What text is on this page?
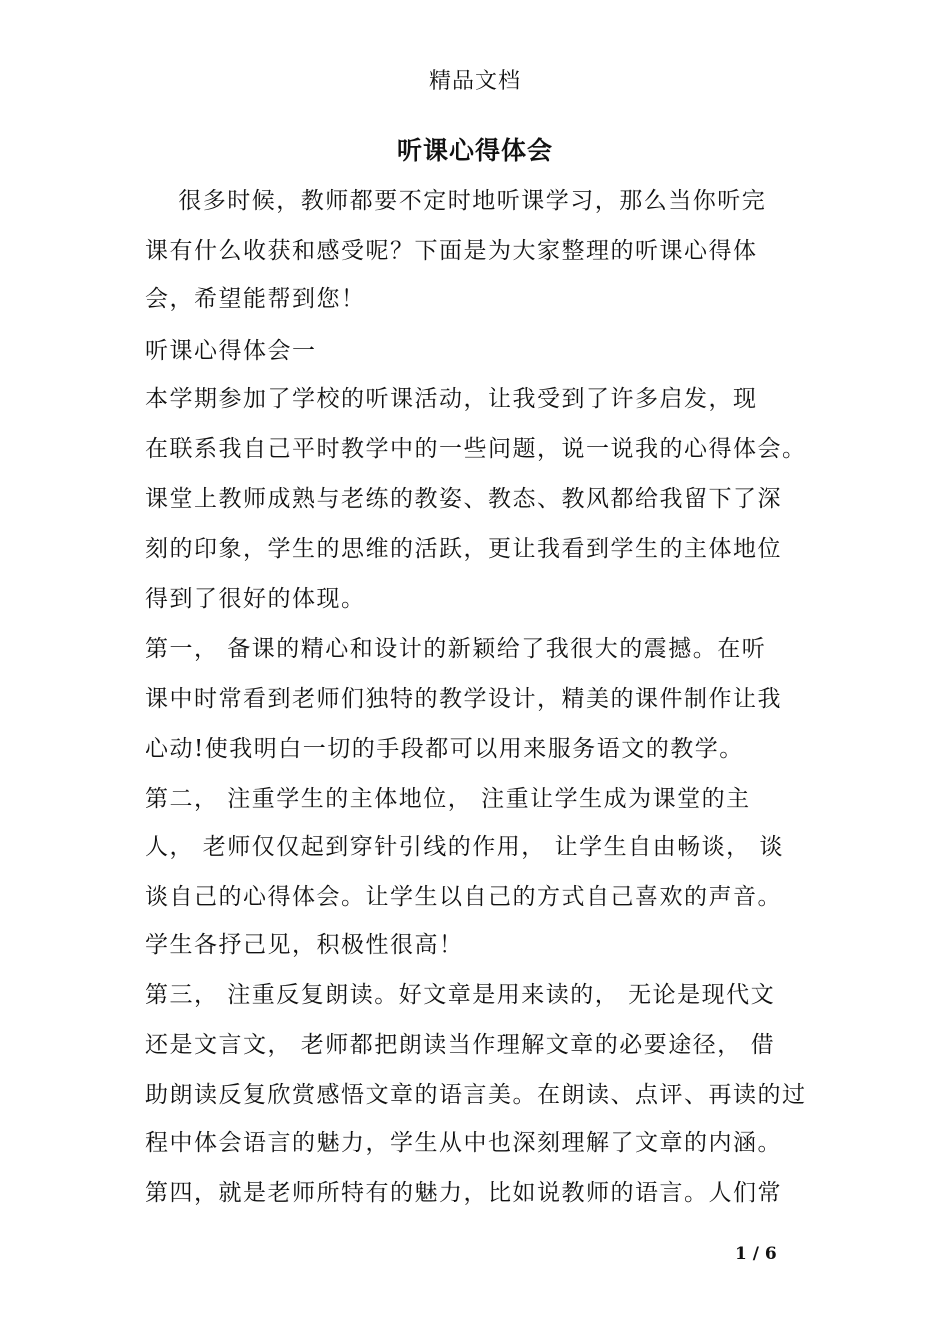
精品文档
听课心得体会
　 很多时候，教师都要不定时地听课学习，那么当你听完
课有什么收获和感受呢？下面是为大家整理的听课心得体
会，希望能帮到您！
听课心得体会一
本学期参加了学校的听课活动，让我受到了许多启发，现
在联系我自己平时教学中的一些问题，说一说我的心得体会。
课堂上教师成熟与老练的教姿、教态、教风都给我留下了深
刻的印象，学生的思维的活跃，更让我看到学生的主体地位
得到了很好的体现。
第一， 备课的精心和设计的新颖给了我很大的震撼。在听
课中时常看到老师们独特的教学设计，精美的课件制作让我
心动!使我明白一切的手段都可以用来服务语文的教学。
第二， 注重学生的主体地位， 注重让学生成为课堂的主
人， 老师仅仅起到穿针引线的作用， 让学生自由畅谈， 谈
谈自己的心得体会。让学生以自己的方式自己喜欢的声音。
学生各抒己见，积极性很高！
第三， 注重反复朗读。好文章是用来读的， 无论是现代文
还是文言文， 老师都把朗读当作理解文章的必要途径， 借
助朗读反复欣赏感悟文章的语言美。在朗读、点评、再读的过
程中体会语言的魅力，学生从中也深刻理解了文章的内涵。
第四，就是老师所特有的魅力，比如说教师的语言。人们常
1 / 6
